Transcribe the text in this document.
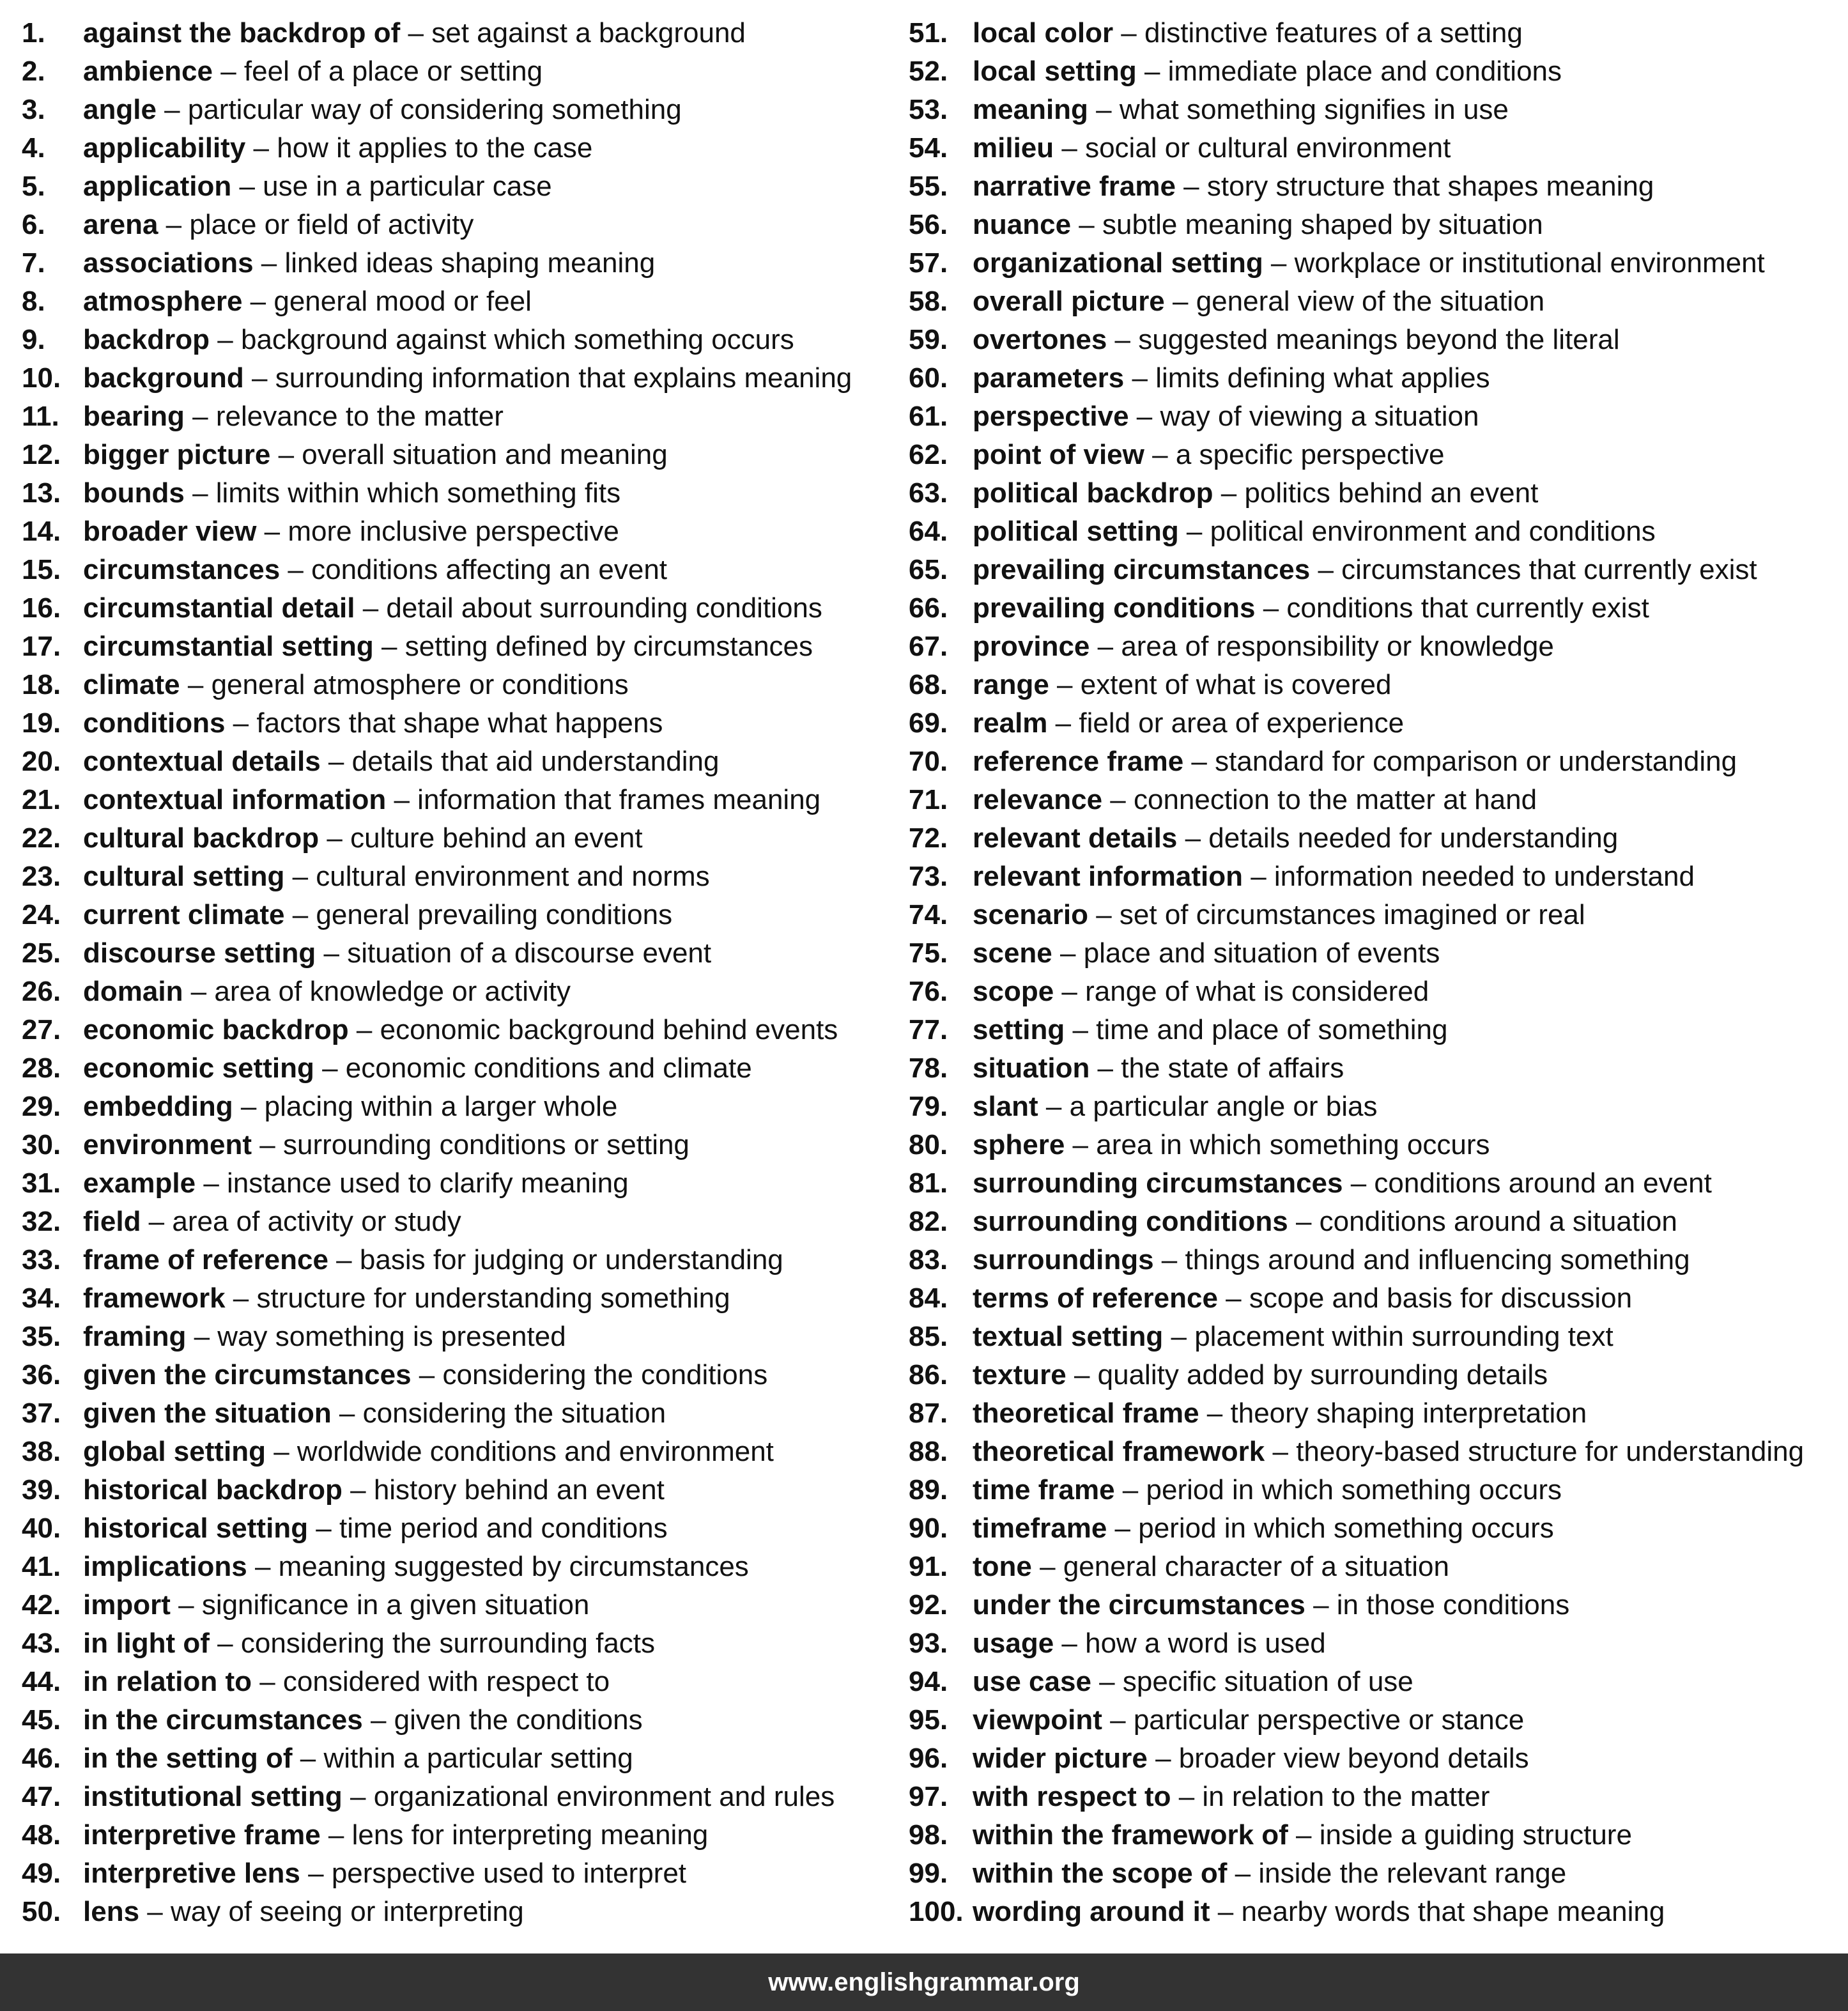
1. against the backdrop of – set against a background
2. ambience – feel of a place or setting
3. angle – particular way of considering something
4. applicability – how it applies to the case
5. application – use in a particular case
6. arena – place or field of activity
7. associations – linked ideas shaping meaning
8. atmosphere – general mood or feel
9. backdrop – background against which something occurs
10. background – surrounding information that explains meaning
11. bearing – relevance to the matter
12. bigger picture – overall situation and meaning
13. bounds – limits within which something fits
14. broader view – more inclusive perspective
15. circumstances – conditions affecting an event
16. circumstantial detail – detail about surrounding conditions
17. circumstantial setting – setting defined by circumstances
18. climate – general atmosphere or conditions
19. conditions – factors that shape what happens
20. contextual details – details that aid understanding
21. contextual information – information that frames meaning
22. cultural backdrop – culture behind an event
23. cultural setting – cultural environment and norms
24. current climate – general prevailing conditions
25. discourse setting – situation of a discourse event
26. domain – area of knowledge or activity
27. economic backdrop – economic background behind events
28. economic setting – economic conditions and climate
29. embedding – placing within a larger whole
30. environment – surrounding conditions or setting
31. example – instance used to clarify meaning
32. field – area of activity or study
33. frame of reference – basis for judging or understanding
34. framework – structure for understanding something
35. framing – way something is presented
36. given the circumstances – considering the conditions
37. given the situation – considering the situation
38. global setting – worldwide conditions and environment
39. historical backdrop – history behind an event
40. historical setting – time period and conditions
41. implications – meaning suggested by circumstances
42. import – significance in a given situation
43. in light of – considering the surrounding facts
44. in relation to – considered with respect to
45. in the circumstances – given the conditions
46. in the setting of – within a particular setting
47. institutional setting – organizational environment and rules
48. interpretive frame – lens for interpreting meaning
49. interpretive lens – perspective used to interpret
50. lens – way of seeing or interpreting
51. local color – distinctive features of a setting
52. local setting – immediate place and conditions
53. meaning – what something signifies in use
54. milieu – social or cultural environment
55. narrative frame – story structure that shapes meaning
56. nuance – subtle meaning shaped by situation
57. organizational setting – workplace or institutional environment
58. overall picture – general view of the situation
59. overtones – suggested meanings beyond the literal
60. parameters – limits defining what applies
61. perspective – way of viewing a situation
62. point of view – a specific perspective
63. political backdrop – politics behind an event
64. political setting – political environment and conditions
65. prevailing circumstances – circumstances that currently exist
66. prevailing conditions – conditions that currently exist
67. province – area of responsibility or knowledge
68. range – extent of what is covered
69. realm – field or area of experience
70. reference frame – standard for comparison or understanding
71. relevance – connection to the matter at hand
72. relevant details – details needed for understanding
73. relevant information – information needed to understand
74. scenario – set of circumstances imagined or real
75. scene – place and situation of events
76. scope – range of what is considered
77. setting – time and place of something
78. situation – the state of affairs
79. slant – a particular angle or bias
80. sphere – area in which something occurs
81. surrounding circumstances – conditions around an event
82. surrounding conditions – conditions around a situation
83. surroundings – things around and influencing something
84. terms of reference – scope and basis for discussion
85. textual setting – placement within surrounding text
86. texture – quality added by surrounding details
87. theoretical frame – theory shaping interpretation
88. theoretical framework – theory-based structure for understanding
89. time frame – period in which something occurs
90. timeframe – period in which something occurs
91. tone – general character of a situation
92. under the circumstances – in those conditions
93. usage – how a word is used
94. use case – specific situation of use
95. viewpoint – particular perspective or stance
96. wider picture – broader view beyond details
97. with respect to – in relation to the matter
98. within the framework of – inside a guiding structure
99. within the scope of – inside the relevant range
100. wording around it – nearby words that shape meaning
www.englishgrammar.org
